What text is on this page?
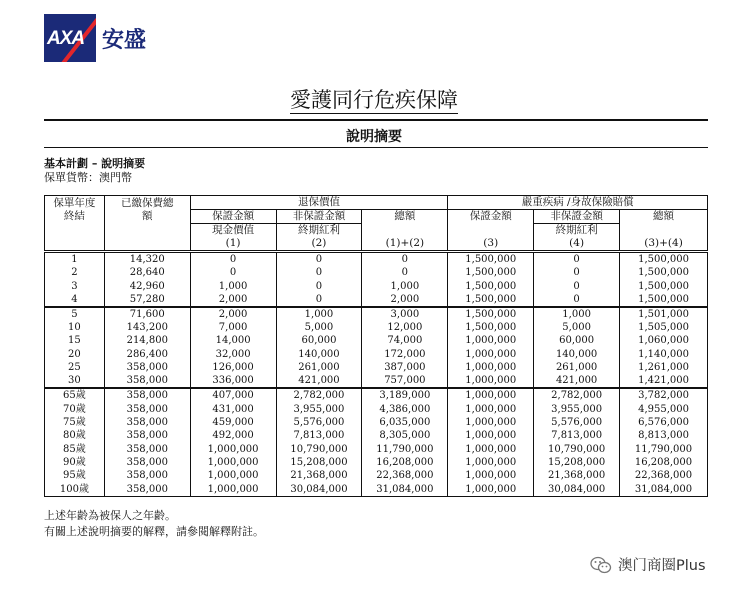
AXA 安盛
愛護同行危疾保障
說明摘要
基本計劃 – 說明摘要
保單貨幣：澳門幣
保單年度終結	已繳保費總額	退保價值			嚴重疾病 /身故保險賠償		
		保證金額	非保證金額	總額	保證金額	非保證金額	總額
		現金價值	終期紅利			終期紅利	
		(1)	(2)	(1)+(2)	(3)	(4)	(3)+(4)
1	14,320	0	0	0	1,500,000	0	1,500,000
2	28,640	0	0	0	1,500,000	0	1,500,000
3	42,960	1,000	0	1,000	1,500,000	0	1,500,000
4	57,280	2,000	0	2,000	1,500,000	0	1,500,000
5	71,600	2,000	1,000	3,000	1,500,000	1,000	1,501,000
10	143,200	7,000	5,000	12,000	1,500,000	5,000	1,505,000
15	214,800	14,000	60,000	74,000	1,000,000	60,000	1,060,000
20	286,400	32,000	140,000	172,000	1,000,000	140,000	1,140,000
25	358,000	126,000	261,000	387,000	1,000,000	261,000	1,261,000
30	358,000	336,000	421,000	757,000	1,000,000	421,000	1,421,000
65歲	358,000	407,000	2,782,000	3,189,000	1,000,000	2,782,000	3,782,000
70歲	358,000	431,000	3,955,000	4,386,000	1,000,000	3,955,000	4,955,000
75歲	358,000	459,000	5,576,000	6,035,000	1,000,000	5,576,000	6,576,000
80歲	358,000	492,000	7,813,000	8,305,000	1,000,000	7,813,000	8,813,000
85歲	358,000	1,000,000	10,790,000	11,790,000	1,000,000	10,790,000	11,790,000
90歲	358,000	1,000,000	15,208,000	16,208,000	1,000,000	15,208,000	16,208,000
95歲	358,000	1,000,000	21,368,000	22,368,000	1,000,000	21,368,000	22,368,000
100歲	358,000	1,000,000	30,084,000	31,084,000	1,000,000	30,084,000	31,084,000
上述年齡為被保人之年齡。
有關上述說明摘要的解釋，請參閱解釋附註。
澳门商圈Plus
